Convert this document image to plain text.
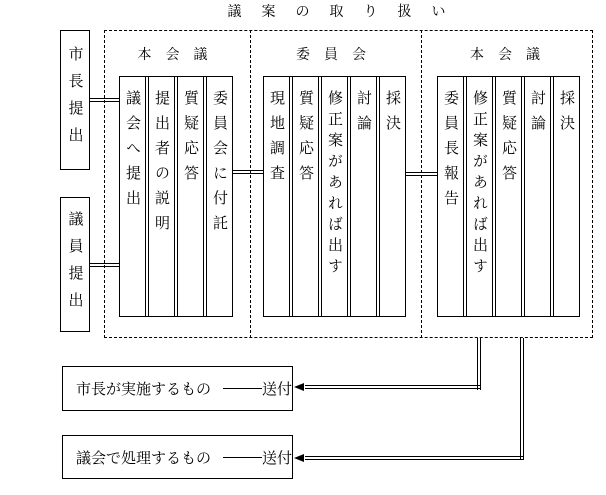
議案の取り扱い
本会議	委員会	本会議
議会へ提出 提出者の説明 質疑応答 委員会に付託	現地調査 質疑応答 修正案があれば出す 討論 採決	委員長報告 修正案があれば出す 質疑応答 討論 採決
市長提出
議員提出
市長が実施するもの	送付
議会で処理するもの	送付
